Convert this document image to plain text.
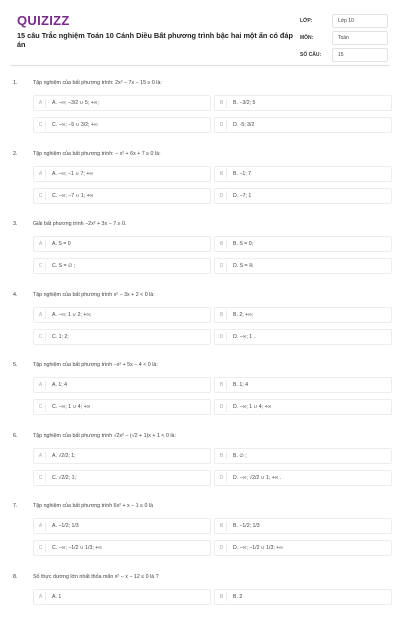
QUIZIZZ
15 câu Trắc nghiệm Toán 10 Cánh Diều Bất phương trình bậc hai một ẩn có đáp án
LỚP:	Lớp 10
MÔN:	Toán
SỐ CÂU:	15
1.	Tập nghiệm của bất phương trình: 2x² − 7x − 15 ≥ 0 là:
A	A. −∞; −3/2 ∪ 5; +∞;	B	B. −3/2; 5
C	C. −∞; −5 ∪ 3/2; +∞	D	D. -5; 3/2
2.	Tập nghiệm của bất phương trình: − x² + 6x + 7 ≥ 0 là:
A	A. −∞; −1 ∪ 7; +∞	B	B. −1; 7
C	C. −∞; −7 ∪ 1; +∞	D	D. −7; 1
3.	Giải bất phương trình −2x² + 3x − 7 ≥ 0.
A	A. S = 0	B	B. S = 0;
C	C. S = ∅ ;	D	D. S = ℝ
4.	Tập nghiệm của bất phương trình x² − 3x + 2 < 0 là:
A	A. −∞; 1 ∪ 2; +∞;	B	B. 2; +∞;
C	C. 1; 2;	D	D. −∞; 1 .
5.	Tập nghiệm của bất phương trình −x² + 5x − 4 < 0 là:
A	A. 1; 4	B	B. 1; 4
C	C. −∞; 1 ∪ 4; +∞	D	D. −∞; 1 ∪ 4; +∞
6.	Tập nghiệm của bất phương trình √2x² − (√2 + 1)x + 1 < 0 là:
A	A. √2/2; 1;	B	B. ∅ ;
C	C. √2/2; 1;	D	D. −∞; √2/2 ∪ 1; +∞ .
7.	Tập nghiệm của bất phương trình 6x² + x − 1 ≤ 0 là
A	A. −1/2; 1/3	B	B. −1/2; 1/3
C	C. −∞; −1/2 ∪ 1/3; +∞	D	D. −∞; −1/2 ∪ 1/3; +∞
8.	Số thực dương lớn nhất thỏa mãn x² − x − 12 ≤ 0 là ?
A	A. 1	B	B. 2
